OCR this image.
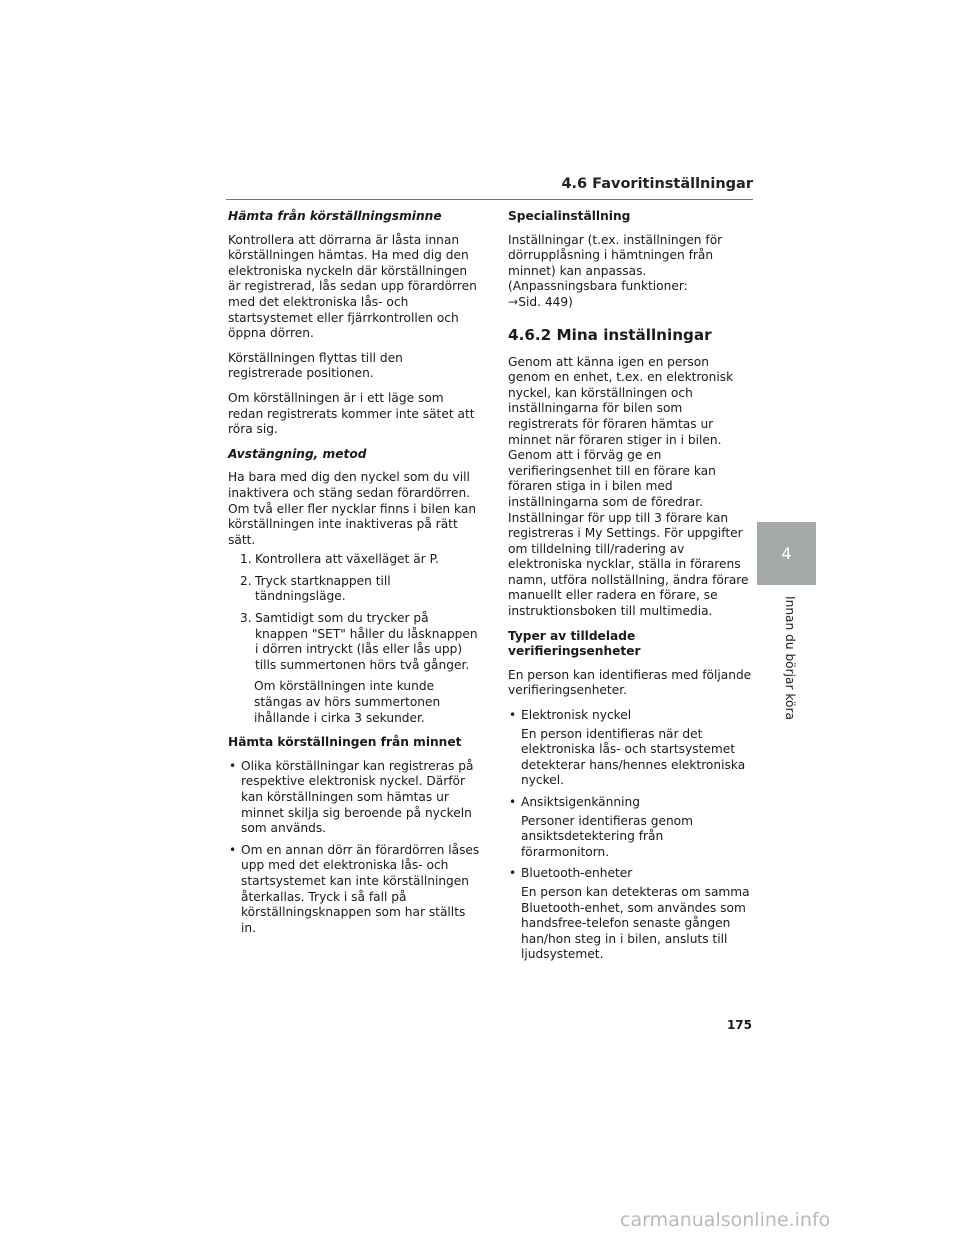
4.6 Favoritinställningar

Hämta från körställningsminne

Kontrollera att dörrarna är låsta innan körställningen hämtas. Ha med dig den elektroniska nyckeln där körställningen är registrerad, lås sedan upp förardörren med det elektroniska lås- och startsystemet eller fjärrkontrollen och öppna dörren.

Körställningen flyttas till den registrerade positionen.

Om körställningen är i ett läge som redan registrerats kommer inte sätet att röra sig.

Avstängning, metod

Ha bara med dig den nyckel som du vill inaktivera och stäng sedan förardörren. Om två eller fler nycklar finns i bilen kan körställningen inte inaktiveras på rätt sätt.

1. Kontrollera att växelläget är P.
2. Tryck startknappen till tändningsläge.
3. Samtidigt som du trycker på knappen "SET" håller du låsknappen i dörren intryckt (lås eller lås upp) tills summertonen hörs två gånger.

Om körställningen inte kunde stängas av hörs summertonen ihållande i cirka 3 sekunder.

Hämta körställningen från minnet

• Olika körställningar kan registreras på respektive elektronisk nyckel. Därför kan körställningen som hämtas ur minnet skilja sig beroende på nyckeln som används.
• Om en annan dörr än förardörren låses upp med det elektroniska lås- och startsystemet kan inte körställningen återkallas. Tryck i så fall på körställningsknappen som har ställts in.

Specialinställning

Inställningar (t.ex. inställningen för dörrupplåsning i hämtningen från minnet) kan anpassas.
(Anpassningsbara funktioner:
→Sid. 449)

4.6.2 Mina inställningar

Genom att känna igen en person genom en enhet, t.ex. en elektronisk nyckel, kan körställningen och inställningarna för bilen som registrerats för föraren hämtas ur minnet när föraren stiger in i bilen. Genom att i förväg ge en verifieringsenhet till en förare kan föraren stiga in i bilen med inställningarna som de föredrar. Inställningar för upp till 3 förare kan registreras i My Settings. För uppgifter om tilldelning till/radering av elektroniska nycklar, ställa in förarens namn, utföra nollställning, ändra förare manuellt eller radera en förare, se instruktionsboken till multimedia.

Typer av tilldelade verifieringsenheter

En person kan identifieras med följande verifieringsenheter.

• Elektronisk nyckel
En person identifieras när det elektroniska lås- och startsystemet detekterar hans/hennes elektroniska nyckel.
• Ansiktsigenkänning
Personer identifieras genom ansiktsdetektering från förarmonitorn.
• Bluetooth-enheter
En person kan detekteras om samma Bluetooth-enhet, som användes som handsfree-telefon senaste gången han/hon steg in i bilen, ansluts till ljudsystemet.
4
Innan du börjar köra
175
carmanualsonline.info
